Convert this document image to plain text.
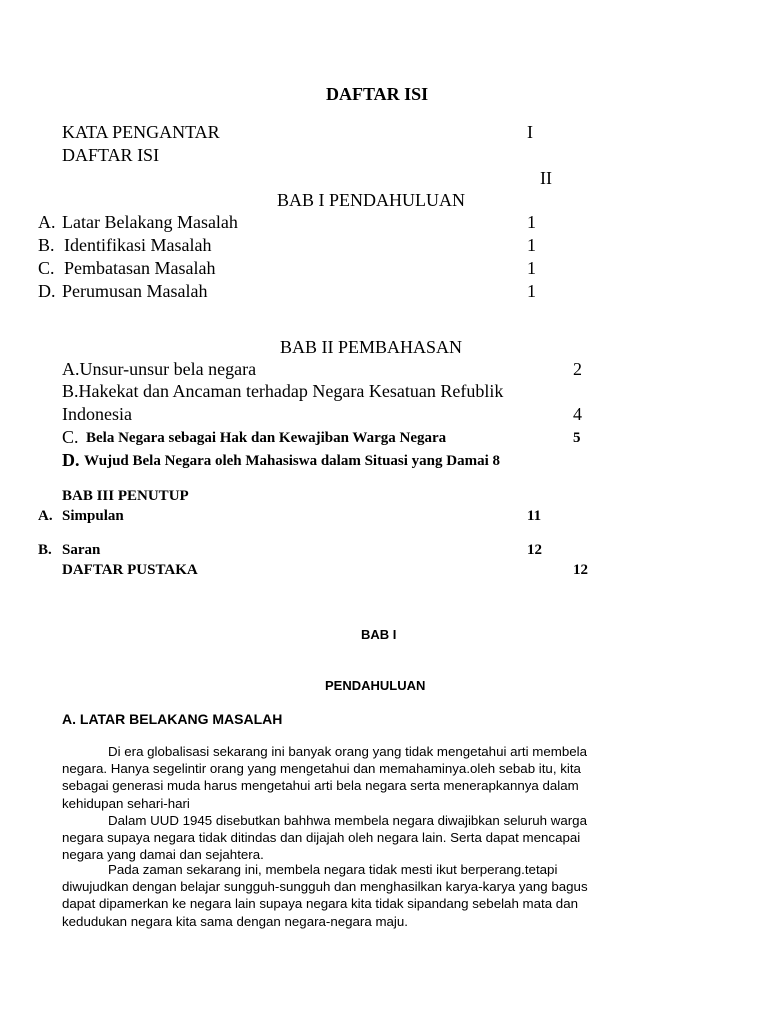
DAFTAR ISI
KATA PENGANTAR	I
DAFTAR ISI
II
BAB I PENDAHULUAN
A. Latar Belakang Masalah	1
B. Identifikasi Masalah	1
C. Pembatasan Masalah	1
D. Perumusan Masalah	1
BAB II PEMBAHASAN
A.Unsur-unsur bela negara	2
B.Hakekat dan Ancaman terhadap Negara Kesatuan Refublik
Indonesia	4
C. Bela Negara sebagai Hak dan Kewajiban Warga Negara	5
D. Wujud Bela Negara oleh Mahasiswa dalam Situasi yang Damai 8
BAB III PENUTUP
A. Simpulan	11
B. Saran	12
DAFTAR PUSTAKA	12
BAB I
PENDAHULUAN
A. LATAR BELAKANG MASALAH
Di era globalisasi sekarang ini banyak orang yang tidak mengetahui arti membela
negara. Hanya segelintir orang yang mengetahui dan memahaminya.oleh sebab itu, kita
sebagai generasi muda harus mengetahui arti bela negara serta menerapkannya dalam
kehidupan sehari-hari
Dalam UUD 1945 disebutkan bahhwa membela negara diwajibkan seluruh warga
negara supaya negara tidak ditindas dan dijajah oleh negara lain. Serta dapat mencapai
negara yang damai dan sejahtera.
Pada zaman sekarang ini, membela negara tidak mesti ikut berperang.tetapi
diwujudkan dengan belajar sungguh-sungguh dan menghasilkan karya-karya yang bagus
dapat dipamerkan ke negara lain supaya negara kita tidak sipandang sebelah mata dan
kedudukan negara kita sama dengan negara-negara maju.
